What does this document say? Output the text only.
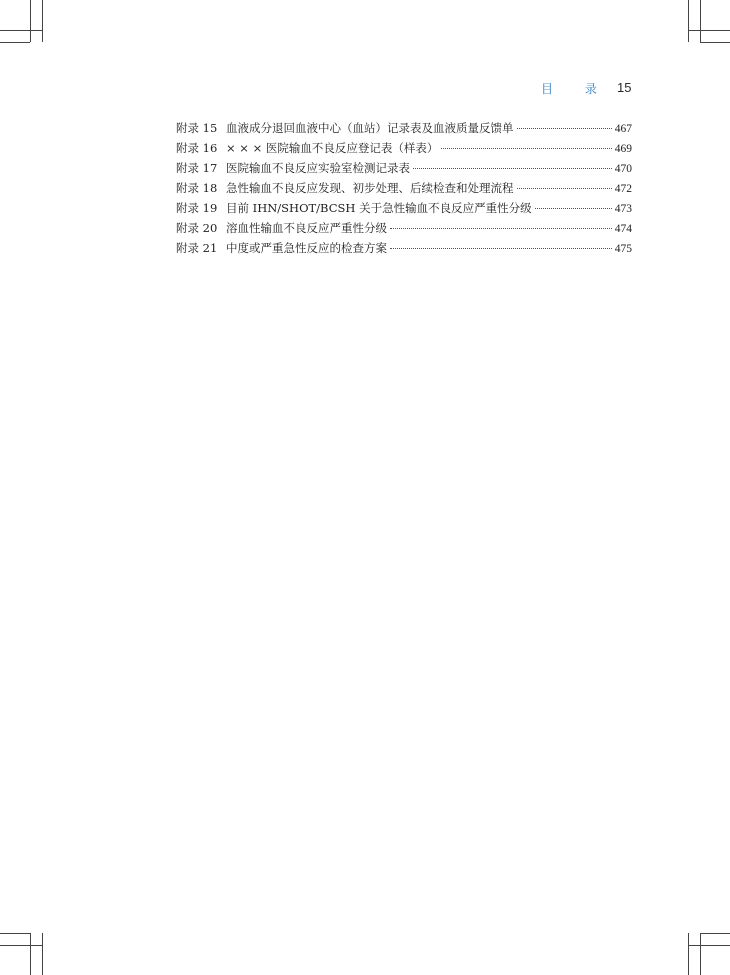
目 录 15
附录 15 血液成分退回血液中心（血站）记录表及血液质量反馈单	467
附录 16 × × × 医院输血不良反应登记表（样表）	469
附录 17 医院输血不良反应实验室检测记录表	470
附录 18 急性输血不良反应发现、初步处理、后续检查和处理流程	472
附录 19 目前 IHN/SHOT/BCSH 关于急性输血不良反应严重性分级	473
附录 20 溶血性输血不良反应严重性分级	474
附录 21 中度或严重急性反应的检查方案	475
